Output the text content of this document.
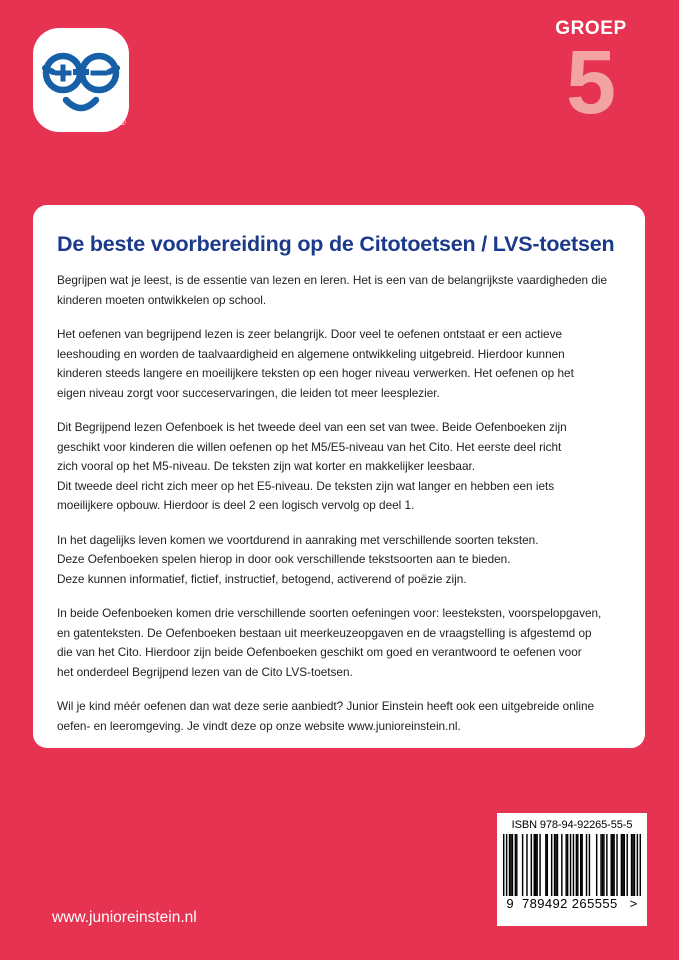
®
GROEP
5
De beste voorbereiding op de Citotoetsen / LVS-toetsen

Begrijpen wat je leest, is de essentie van lezen en leren. Het is een van de belangrijkste vaardigheden die
kinderen moeten ontwikkelen op school.

Het oefenen van begrijpend lezen is zeer belangrijk. Door veel te oefenen ontstaat er een actieve
leeshouding en worden de taalvaardigheid en algemene ontwikkeling uitgebreid. Hierdoor kunnen
kinderen steeds langere en moeilijkere teksten op een hoger niveau verwerken. Het oefenen op het
eigen niveau zorgt voor succeservaringen, die leiden tot meer leesplezier.

Dit Begrijpend lezen Oefenboek is het tweede deel van een set van twee. Beide Oefenboeken zijn
geschikt voor kinderen die willen oefenen op het M5/E5-niveau van het Cito. Het eerste deel richt
zich vooral op het M5-niveau. De teksten zijn wat korter en makkelijker leesbaar.
Dit tweede deel richt zich meer op het E5-niveau. De teksten zijn wat langer en hebben een iets
moeilijkere opbouw. Hierdoor is deel 2 een logisch vervolg op deel 1.

In het dagelijks leven komen we voortdurend in aanraking met verschillende soorten teksten.
Deze Oefenboeken spelen hierop in door ook verschillende tekstsoorten aan te bieden.
Deze kunnen informatief, fictief, instructief, betogend, activerend of poëzie zijn.

In beide Oefenboeken komen drie verschillende soorten oefeningen voor: leesteksten, voorspelopgaven,
en gatenteksten. De Oefenboeken bestaan uit meerkeuzeopgaven en de vraagstelling is afgestemd op
die van het Cito. Hierdoor zijn beide Oefenboeken geschikt om goed en verantwoord te oefenen voor
het onderdeel Begrijpend lezen van de Cito LVS-toetsen.

Wil je kind méér oefenen dan wat deze serie aanbiedt? Junior Einstein heeft ook een uitgebreide online
oefen- en leeromgeving. Je vindt deze op onze website www.junioreinstein.nl.

ISBN 978-94-92265-55-5
9  789492 265555   >
www.junioreinstein.nl
